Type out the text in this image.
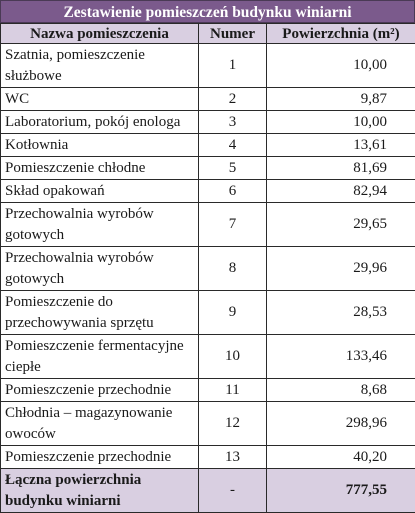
Zestawienie pomieszczeń budynku winiarni
Nazwa pomieszczenia	Numer	Powierzchnia (m²)
Szatnia, pomieszczenie służbowe	1	10,00
WC	2	9,87
Laboratorium, pokój enologa	3	10,00
Kotłownia	4	13,61
Pomieszczenie chłodne	5	81,69
Skład opakowań	6	82,94
Przechowalnia wyrobów gotowych	7	29,65
Przechowalnia wyrobów gotowych	8	29,96
Pomieszczenie do przechowywania sprzętu	9	28,53
Pomieszczenie fermentacyjne ciepłe	10	133,46
Pomieszczenie przechodnie	11	8,68
Chłodnia – magazynowanie owoców	12	298,96
Pomieszczenie przechodnie	13	40,20
Łączna powierzchnia budynku winiarni	-	777,55
